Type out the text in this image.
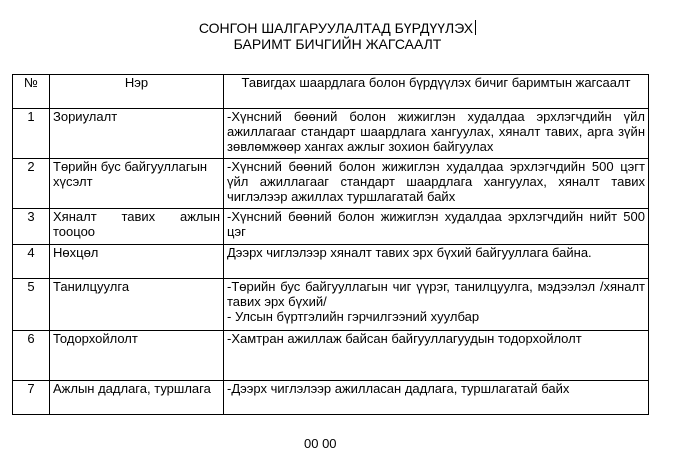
СОНГОН ШАЛГАРУУЛАЛТАД БҮРДҮҮЛЭХ
БАРИМТ БИЧГИЙН ЖАГСААЛТ
№	Нэр	Тавигдах шаардлага болон бүрдүүлэх бичиг баримтын жагсаалт
1	Зориулалт	-Хүнсний бөөний болон жижиглэн худалдаа эрхлэгчдийн үйл ажиллагааг стандарт шаардлага хангуулах, хяналт тавих, арга зүйн зөвлөмжөөр хангах ажлыг зохион байгуулах
2	Төрийн бус байгууллагын хүсэлт	-Хүнсний бөөний болон жижиглэн худалдаа эрхлэгчдийн 500 цэгт үйл ажиллагааг стандарт шаардлага хангуулах, хяналт тавих чиглэлээр ажиллах туршлагатай байх
3	Хяналт тавих ажлын тооцоо	-Хүнсний бөөний болон жижиглэн худалдаа эрхлэгчдийн нийт 500 цэг
4	Нөхцөл	Дээрх чиглэлээр хяналт тавих эрх бүхий байгууллага байна.
5	Танилцуулга	-Төрийн бус байгууллагын чиг үүрэг, танилцуулга, мэдээлэл /хяналт тавих эрх бүхий/
- Улсын бүртгэлийн гэрчилгээний хуулбар
6	Тодорхойлолт	-Хамтран ажиллаж байсан байгууллагуудын тодорхойлолт
7	Ажлын дадлага, туршлага	-Дээрх чиглэлээр ажилласан дадлага, туршлагатай байх
00 00
